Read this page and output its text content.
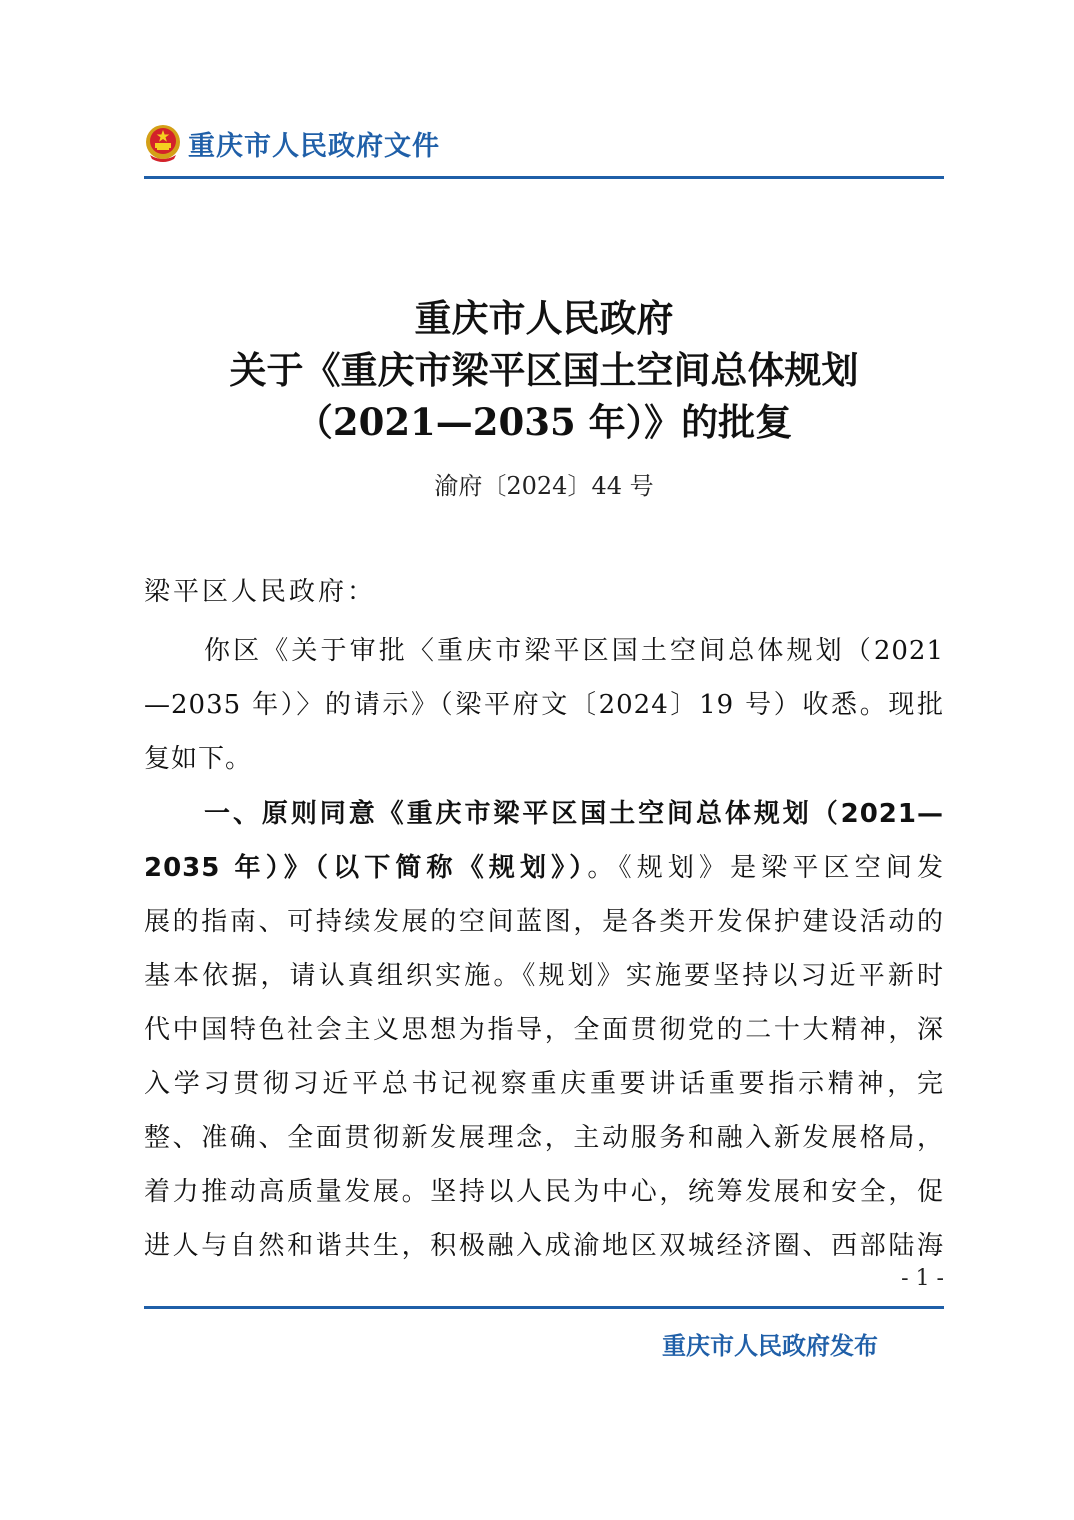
重庆市人民政府文件
重庆市人民政府
关于《重庆市梁平区国土空间总体规划
（2021—2035 年）》的批复
渝府〔2024〕44 号
梁平区人民政府：
你区《关于审批〈重庆市梁平区国土空间总体规划（2021
—2035 年）〉的请示》（梁平府文〔2024〕19 号）收悉。现批
复如下。
一、原则同意《重庆市梁平区国土空间总体规划（2021—
2035 年）》（以下简称《规划》）。《规划》是梁平区空间发
展的指南、可持续发展的空间蓝图，是各类开发保护建设活动的
基本依据，请认真组织实施。《规划》实施要坚持以习近平新时
代中国特色社会主义思想为指导，全面贯彻党的二十大精神，深
入学习贯彻习近平总书记视察重庆重要讲话重要指示精神，完
整、准确、全面贯彻新发展理念，主动服务和融入新发展格局，
着力推动高质量发展。坚持以人民为中心，统筹发展和安全，促
进人与自然和谐共生，积极融入成渝地区双城经济圈、西部陆海
- 1 -
重庆市人民政府发布
